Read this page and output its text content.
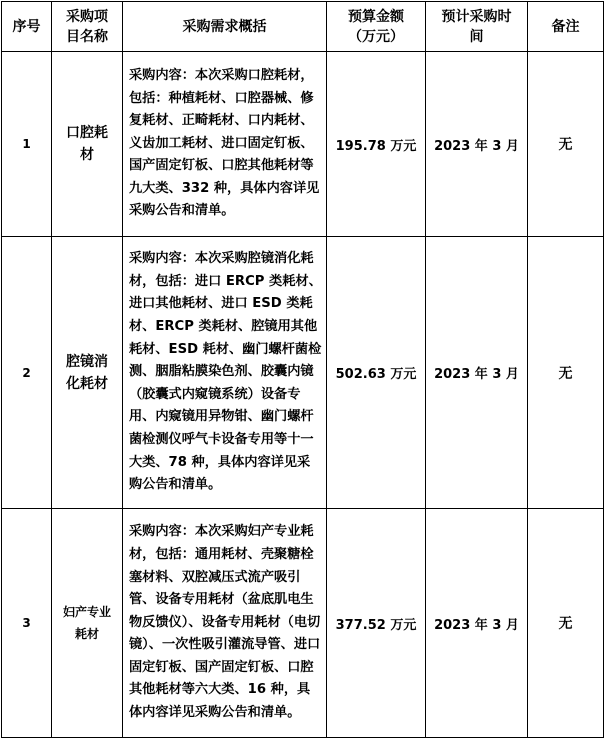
序号	采购项目名称	采购需求概括	预算金额（万元）	预计采购时间	备注
1	口腔耗材	采购内容：本次采购口腔耗材，包括：种植耗材、口腔器械、修复耗材、正畸耗材、口内耗材、义齿加工耗材、进口固定钉板、国产固定钉板、口腔其他耗材等九大类、332 种，具体内容详见采购公告和清单。	195.78 万元	2023 年 3 月	无
2	腔镜消化耗材	采购内容：本次采购腔镜消化耗材，包括：进口 ERCP 类耗材、进口其他耗材、进口 ESD 类耗材、ERCP 类耗材、腔镜用其他耗材、ESD 耗材、幽门螺杆菌检测、胭脂粘膜染色剂、胶囊内镜（胶囊式内窥镜系统）设备专用、内窥镜用异物钳、幽门螺杆菌检测仪呼气卡设备专用等十一大类、78 种，具体内容详见采购公告和清单。	502.63 万元	2023 年 3 月	无
3	妇产专业耗材	采购内容：本次采购妇产专业耗材，包括：通用耗材、壳聚糖栓塞材料、双腔减压式流产吸引管、设备专用耗材（盆底肌电生物反馈仪）、设备专用耗材（电切镜）、一次性吸引灌流导管、进口固定钉板、国产固定钉板、口腔其他耗材等六大类、16 种，具体内容详见采购公告和清单。	377.52 万元	2023 年 3 月	无
